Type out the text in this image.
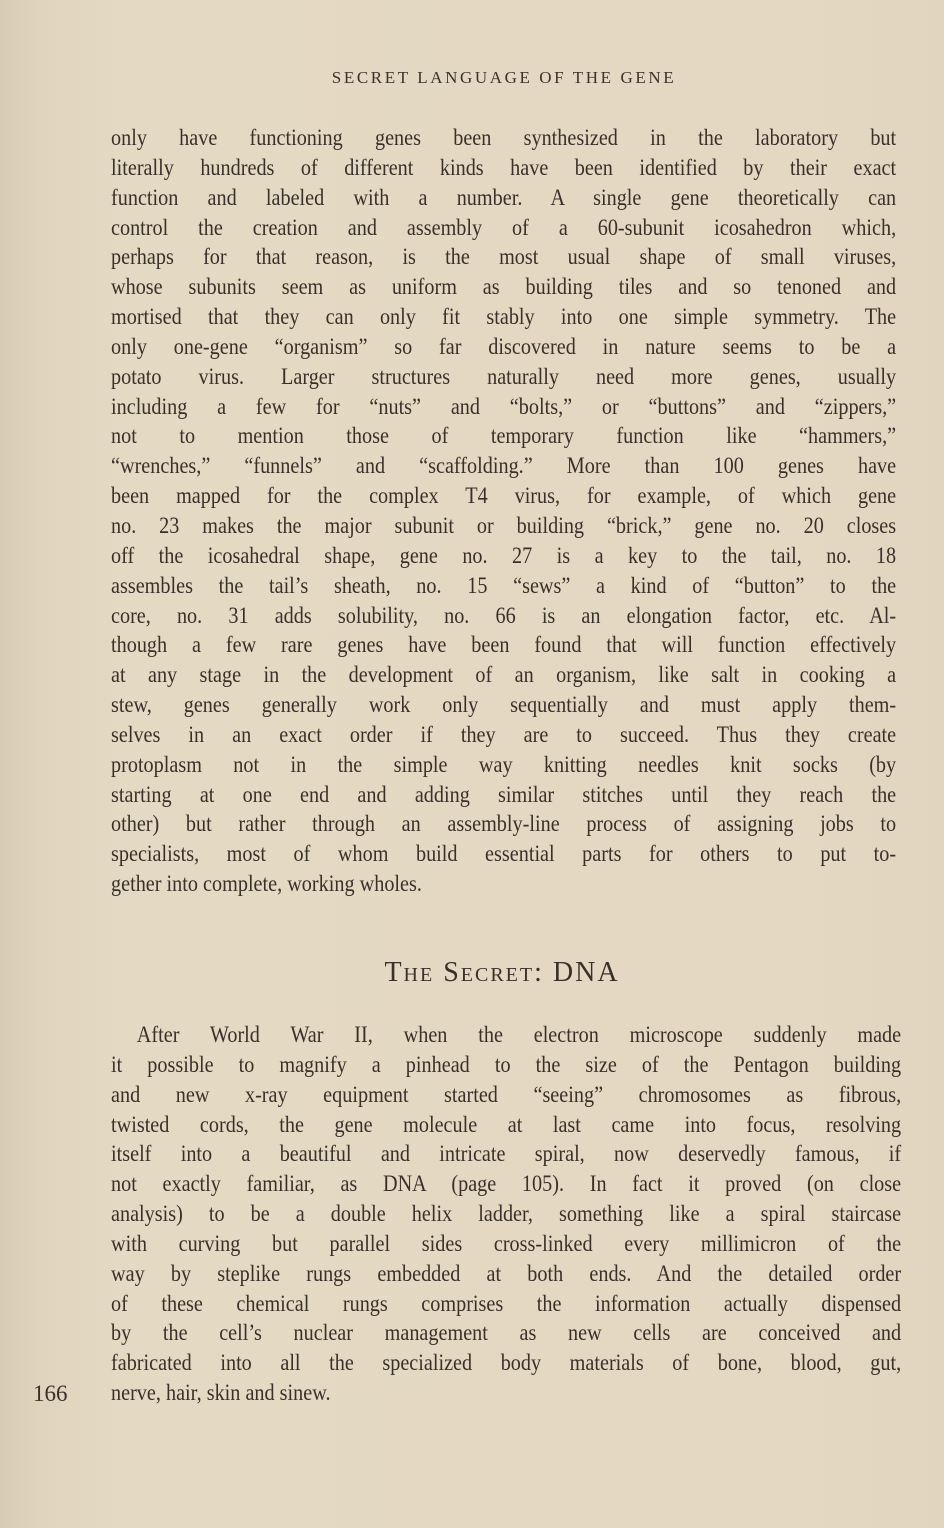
SECRET LANGUAGE OF THE GENE
only have functioning genes been synthesized in the laboratory but
literally hundreds of different kinds have been identified by their exact
function and labeled with a number. A single gene theoretically can
control the creation and assembly of a 60-subunit icosahedron which,
perhaps for that reason, is the most usual shape of small viruses,
whose subunits seem as uniform as building tiles and so tenoned and
mortised that they can only fit stably into one simple symmetry. The
only one-gene “organism” so far discovered in nature seems to be a
potato virus. Larger structures naturally need more genes, usually
including a few for “nuts” and “bolts,” or “buttons” and “zippers,”
not to mention those of temporary function like “hammers,”
“wrenches,” “funnels” and “scaffolding.” More than 100 genes have
been mapped for the complex T4 virus, for example, of which gene
no. 23 makes the major subunit or building “brick,” gene no. 20 closes
off the icosahedral shape, gene no. 27 is a key to the tail, no. 18
assembles the tail’s sheath, no. 15 “sews” a kind of “button” to the
core, no. 31 adds solubility, no. 66 is an elongation factor, etc. Al-
though a few rare genes have been found that will function effectively
at any stage in the development of an organism, like salt in cooking a
stew, genes generally work only sequentially and must apply them-
selves in an exact order if they are to succeed. Thus they create
protoplasm not in the simple way knitting needles knit socks (by
starting at one end and adding similar stitches until they reach the
other) but rather through an assembly-line process of assigning jobs to
specialists, most of whom build essential parts for others to put to-
gether into complete, working wholes.
The Secret: DNA
After World War II, when the electron microscope suddenly made
it possible to magnify a pinhead to the size of the Pentagon building
and new x-ray equipment started “seeing” chromosomes as fibrous,
twisted cords, the gene molecule at last came into focus, resolving
itself into a beautiful and intricate spiral, now deservedly famous, if
not exactly familiar, as DNA (page 105). In fact it proved (on close
analysis) to be a double helix ladder, something like a spiral staircase
with curving but parallel sides cross-linked every millimicron of the
way by steplike rungs embedded at both ends. And the detailed order
of these chemical rungs comprises the information actually dispensed
by the cell’s nuclear management as new cells are conceived and
fabricated into all the specialized body materials of bone, blood, gut,
nerve, hair, skin and sinew.
166
